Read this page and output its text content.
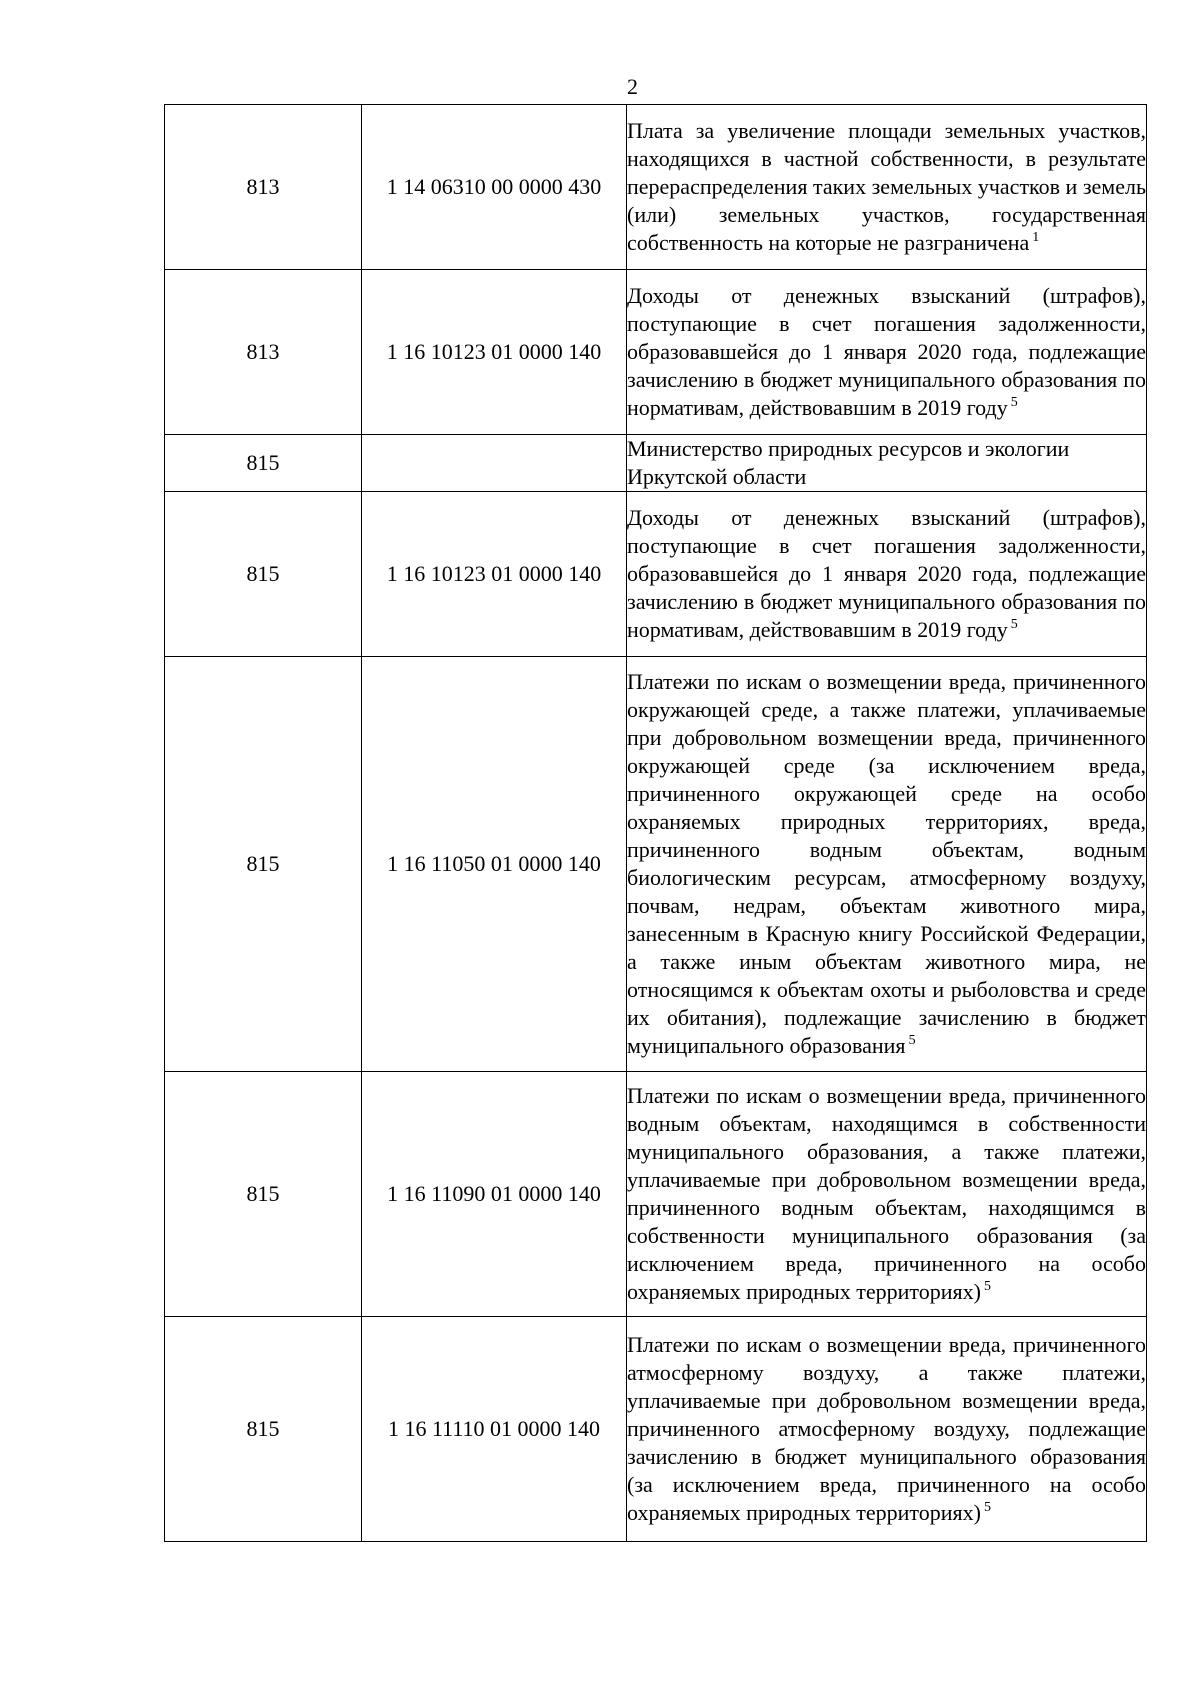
2
813	1 14 06310 00 0000 430	Плата за увеличение площади земельных участков, находящихся в частной собственности, в результате перераспределения таких земельных участков и земель (или) земельных участков, государственная собственность на которые не разграничена $^1$
813	1 16 10123 01 0000 140	Доходы от денежных взысканий (штрафов), поступающие в счет погашения задолженности, образовавшейся до 1 января 2020 года, подлежащие зачислению в бюджет муниципального образования по нормативам, действовавшим в 2019 году $^5$
815		Министерство природных ресурсов и экологии Иркутской области
815	1 16 10123 01 0000 140	Доходы от денежных взысканий (штрафов), поступающие в счет погашения задолженности, образовавшейся до 1 января 2020 года, подлежащие зачислению в бюджет муниципального образования по нормативам, действовавшим в 2019 году $^5$
815	1 16 11050 01 0000 140	Платежи по искам о возмещении вреда, причиненного окружающей среде, а также платежи, уплачиваемые при добровольном возмещении вреда, причиненного окружающей среде (за исключением вреда, причиненного окружающей среде на особо охраняемых природных территориях, вреда, причиненного водным объектам, водным биологическим ресурсам, атмосферному воздуху, почвам, недрам, объектам животного мира, занесенным в Красную книгу Российской Федерации, а также иным объектам животного мира, не относящимся к объектам охоты и рыболовства и среде их обитания), подлежащие зачислению в бюджет муниципального образования $^5$
815	1 16 11090 01 0000 140	Платежи по искам о возмещении вреда, причиненного водным объектам, находящимся в собственности муниципального образования, а также платежи, уплачиваемые при добровольном возмещении вреда, причиненного водным объектам, находящимся в собственности муниципального образования (за исключением вреда, причиненного на особо охраняемых природных территориях) $^5$
815	1 16 11110 01 0000 140	Платежи по искам о возмещении вреда, причиненного атмосферному воздуху, а также платежи, уплачиваемые при добровольном возмещении вреда, причиненного атмосферному воздуху, подлежащие зачислению в бюджет муниципального образования (за исключением вреда, причиненного на особо охраняемых природных территориях) $^5$
